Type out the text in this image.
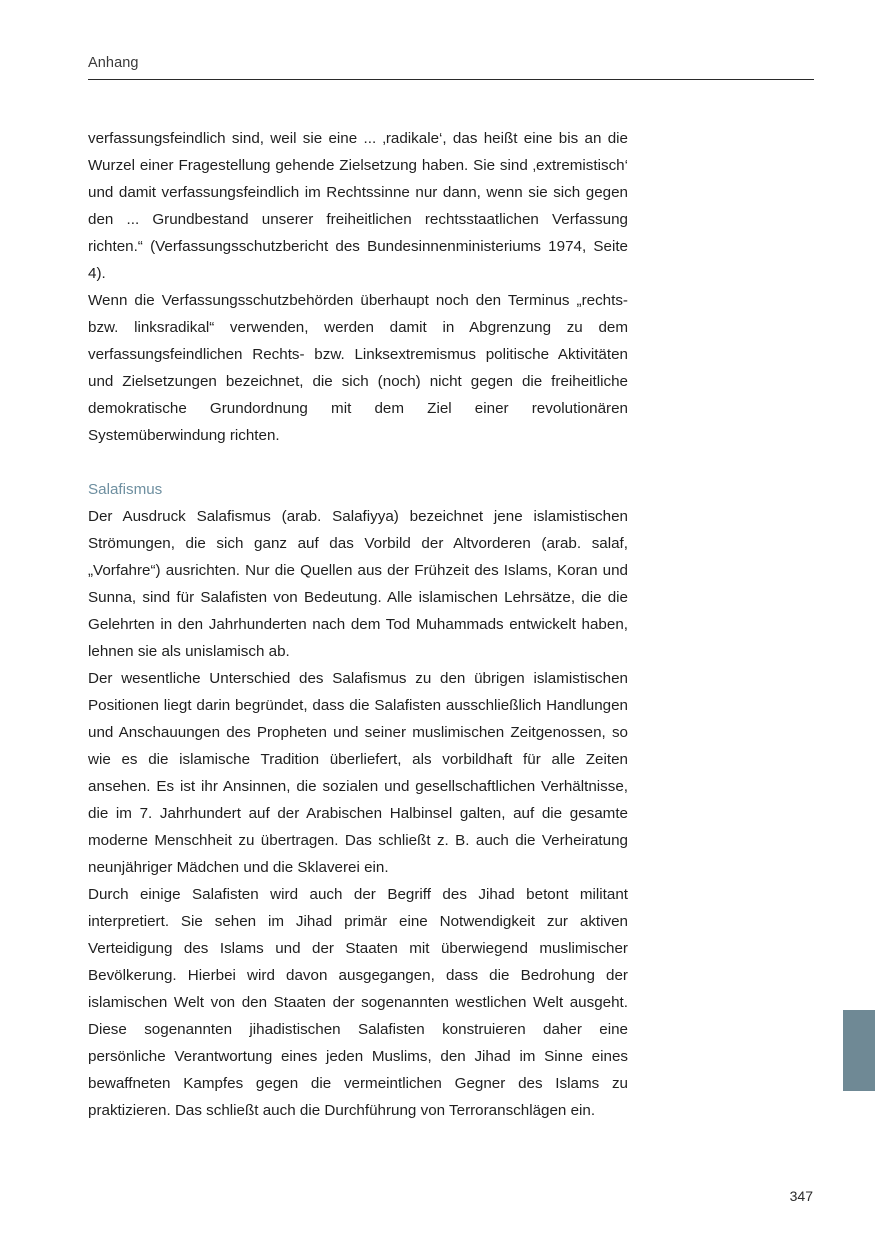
Anhang

verfassungsfeindlich sind, weil sie eine ... ‚radikale‘, das heißt eine bis an die Wurzel einer Fragestellung gehende Zielsetzung haben. Sie sind ‚extremistisch‘ und damit verfassungsfeindlich im Rechtssinne nur dann, wenn sie sich gegen den ... Grundbestand unserer freiheitlichen rechtsstaatlichen Verfassung richten.“ (Verfassungsschutzbericht des Bundesinnenministeriums 1974, Seite 4).

Wenn die Verfassungsschutzbehörden überhaupt noch den Terminus „rechts- bzw. linksradikal“ verwenden, werden damit in Abgrenzung zu dem verfassungsfeindlichen Rechts- bzw. Linksextremismus politische Aktivitäten und Zielsetzungen bezeichnet, die sich (noch) nicht gegen die freiheitliche demokratische Grundordnung mit dem Ziel einer revolutionären Systemüberwindung richten.

Salafismus

Der Ausdruck Salafismus (arab. Salafiyya) bezeichnet jene islamistischen Strömungen, die sich ganz auf das Vorbild der Altvorderen (arab. salaf, „Vorfahre“) ausrichten. Nur die Quellen aus der Frühzeit des Islams, Koran und Sunna, sind für Salafisten von Bedeutung. Alle islamischen Lehrsätze, die die Gelehrten in den Jahrhunderten nach dem Tod Muhammads entwickelt haben, lehnen sie als unislamisch ab.

Der wesentliche Unterschied des Salafismus zu den übrigen islamistischen Positionen liegt darin begründet, dass die Salafisten ausschließlich Handlungen und Anschauungen des Propheten und seiner muslimischen Zeitgenossen, so wie es die islamische Tradition überliefert, als vorbildhaft für alle Zeiten ansehen. Es ist ihr Ansinnen, die sozialen und gesellschaftlichen Verhältnisse, die im 7. Jahrhundert auf der Arabischen Halbinsel galten, auf die gesamte moderne Menschheit zu übertragen. Das schließt z. B. auch die Verheiratung neunjähriger Mädchen und die Sklaverei ein.

Durch einige Salafisten wird auch der Begriff des Jihad betont militant interpretiert. Sie sehen im Jihad primär eine Notwendigkeit zur aktiven Verteidigung des Islams und der Staaten mit überwiegend muslimischer Bevölkerung. Hierbei wird davon ausgegangen, dass die Bedrohung der islamischen Welt von den Staaten der sogenannten westlichen Welt ausgeht. Diese sogenannten jihadistischen Salafisten konstruieren daher eine persönliche Verantwortung eines jeden Muslims, den Jihad im Sinne eines bewaffneten Kampfes gegen die vermeintlichen Gegner des Islams zu praktizieren. Das schließt auch die Durchführung von Terroranschlägen ein.

347
